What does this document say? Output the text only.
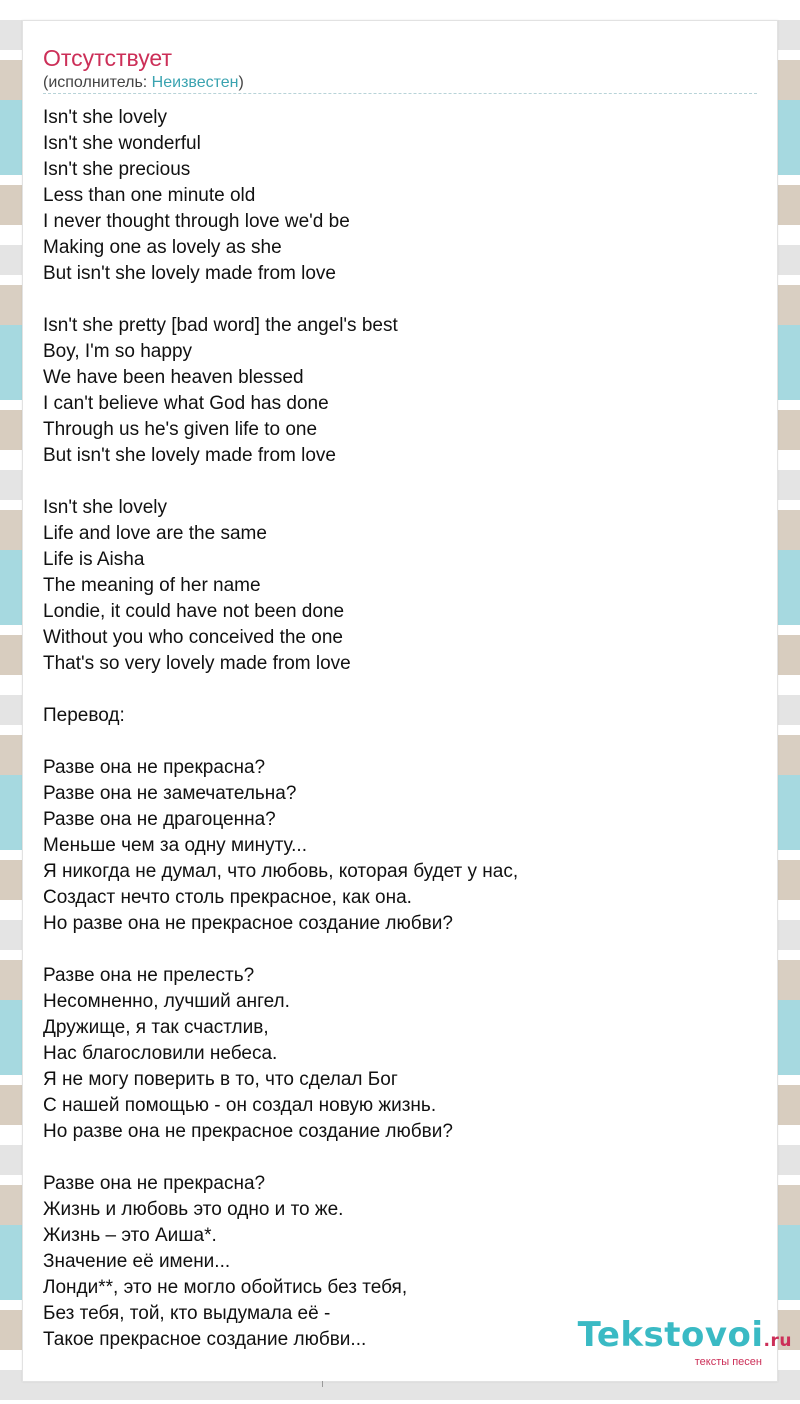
Отсутствует
(исполнитель: Неизвестен)
Isn't she lovely
Isn't she wonderful
Isn't she precious
Less than one minute old
I never thought through love we'd be
Making one as lovely as she
But isn't she lovely made from love
Isn't she pretty [bad word] the angel's best
Boy, I'm so happy
We have been heaven blessed
I can't believe what God has done
Through us he's given life to one
But isn't she lovely made from love
Isn't she lovely
Life and love are the same
Life is Aisha
The meaning of her name
Londie, it could have not been done
Without you who conceived the one
That's so very lovely made from love
Перевод:
Разве она не прекрасна?
Разве она не замечательна?
Разве она не драгоценна?
Меньше чем за одну минуту...
Я никогда не думал, что любовь, которая будет у нас,
Создаст нечто столь прекрасное, как она.
Но разве она не прекрасное создание любви?
Разве она не прелесть?
Несомненно, лучший ангел.
Дружище, я так счастлив,
Нас благословили небеса.
Я не могу поверить в то, что сделал Бог
С нашей помощью - он создал новую жизнь.
Но разве она не прекрасное создание любви?
Разве она не прекрасна?
Жизнь и любовь это одно и то же.
Жизнь – это Аиша*.
Значение её имени...
Лонди**, это не могло обойтись без тебя,
Без тебя, той, кто выдумала её -
Такое прекрасное создание любви...	Tekstovoi.ru
тексты песен
